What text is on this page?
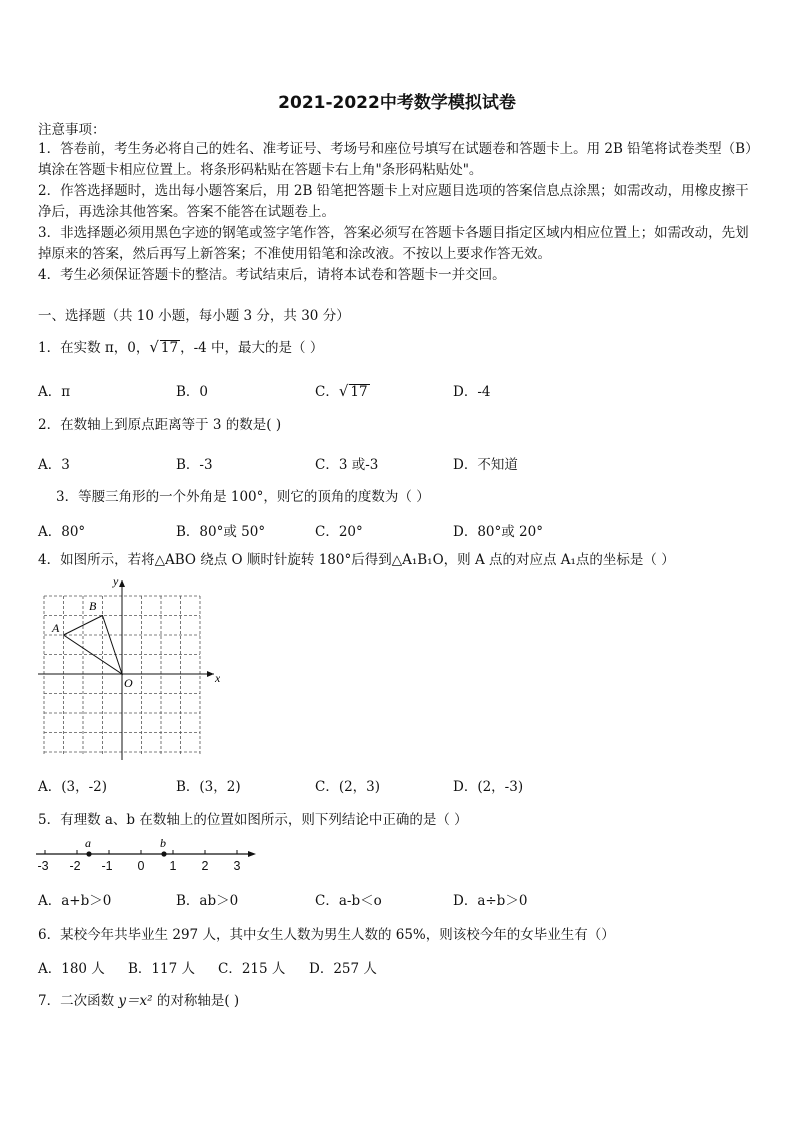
2021-2022中考数学模拟试卷
注意事项：
1．答卷前，考生务必将自己的姓名、准考证号、考场号和座位号填写在试题卷和答题卡上。用 2B 铅笔将试卷类型（B）填涂在答题卡相应位置上。将条形码粘贴在答题卡右上角"条形码粘贴处"。
2．作答选择题时，选出每小题答案后，用 2B 铅笔把答题卡上对应题目选项的答案信息点涂黑；如需改动，用橡皮擦干净后，再选涂其他答案。答案不能答在试题卷上。
3．非选择题必须用黑色字迹的钢笔或签字笔作答，答案必须写在答题卡各题目指定区域内相应位置上；如需改动，先划掉原来的答案，然后再写上新答案；不准使用铅笔和涂改液。不按以上要求作答无效。
4．考生必须保证答题卡的整洁。考试结束后，请将本试卷和答题卡一并交回。
一、选择题（共 10 小题，每小题 3 分，共 30 分）
1．在实数 π，0，√ 17 ，-4 中，最大的是（ ）
A．π	B．0	C．√ 17	D．-4
2．在数轴上到原点距离等于 3 的数是( )
A．3	B．-3	C．3 或-3	D．不知道
3．等腰三角形的一个外角是 100°，则它的顶角的度数为（ ）
A．80°	B．80°或 50°	C．20°	D．80°或 20°
4．如图所示，若将△ABO 绕点 O 顺时针旋转 180°后得到△A₁B₁O，则 A 点的对应点 A₁点的坐标是（ ）
x
y
O
A
B
A．(3，-2)	B．(3，2)	C．(2，3)	D．(2，-3)
5．有理数 a、b 在数轴上的位置如图所示，则下列结论中正确的是（ ）
-3 -2 -1 0 1 2 3
a	b
A．a+b＞0	B．ab＞0	C．a-b＜o	D．a÷b＞0
6．某校今年共毕业生 297 人，其中女生人数为男生人数的 65%，则该校今年的女毕业生有（）
A．180 人 B．117 人 C．215 人 D．257 人
7．二次函数 y＝x² 的对称轴是( )
